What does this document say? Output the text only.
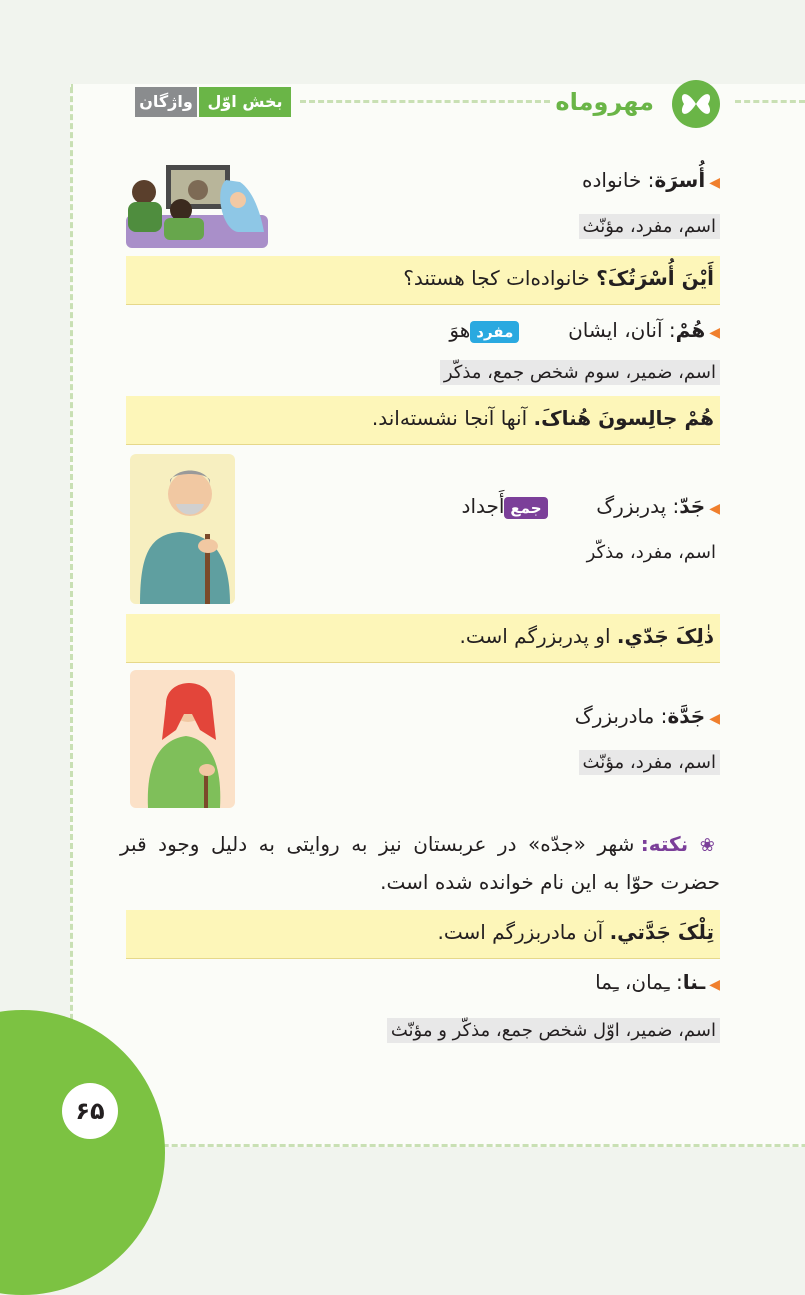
واژگان بخش اوّل	مهروماه
◀أُسرَة: خانواده
اسم، مفرد، مؤنّث
أَیْنَ أُسْرَتُکَ؟ خانواده‌ات کجا هستند؟
◀هُمْ: آنان، ایشان  مفردهوَ
اسم، ضمیر، سوم شخص جمع، مذکّر
هُمْ جالِسونَ هُناکَ. آنها آنجا نشسته‌اند.
◀جَدّ: پدربزرگ  جمعأَجداد
اسم، مفرد، مذکّر
ذٰلِکَ جَدّي. او پدربزرگم است.
◀جَدَّة: مادربزرگ
اسم، مفرد، مؤنّث
❀ نکته: شهر «جدّه» در عربستان نیز به روایتی به دلیل وجود قبر حضرت حوّا به این نام خوانده شده است.
تِلْکَ جَدَّتي. آن مادربزرگم است.
◀ـنا: ـِمان، ـِما
اسم، ضمیر، اوّل شخص جمع، مذکّر و مؤنّث
۶۵
